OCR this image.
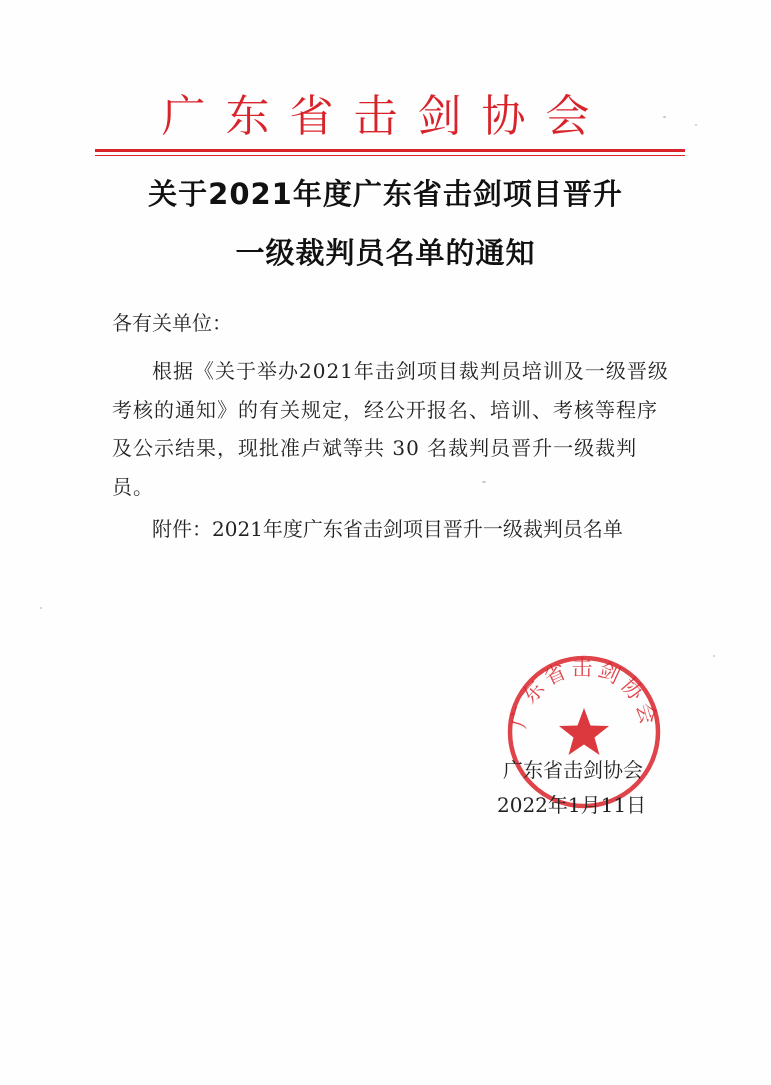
广东省击剑协会
关于2021年度广东省击剑项目晋升
一级裁判员名单的通知
各有关单位：
根据《关于举办2021年击剑项目裁判员培训及一级晋级考核的通知》的有关规定，经公开报名、培训、考核等程序及公示结果，现批准卢斌等共 30 名裁判员晋升一级裁判员。
附件：2021年度广东省击剑项目晋升一级裁判员名单
广东省击剑协会
广东省击剑协会
2022年1月11日
